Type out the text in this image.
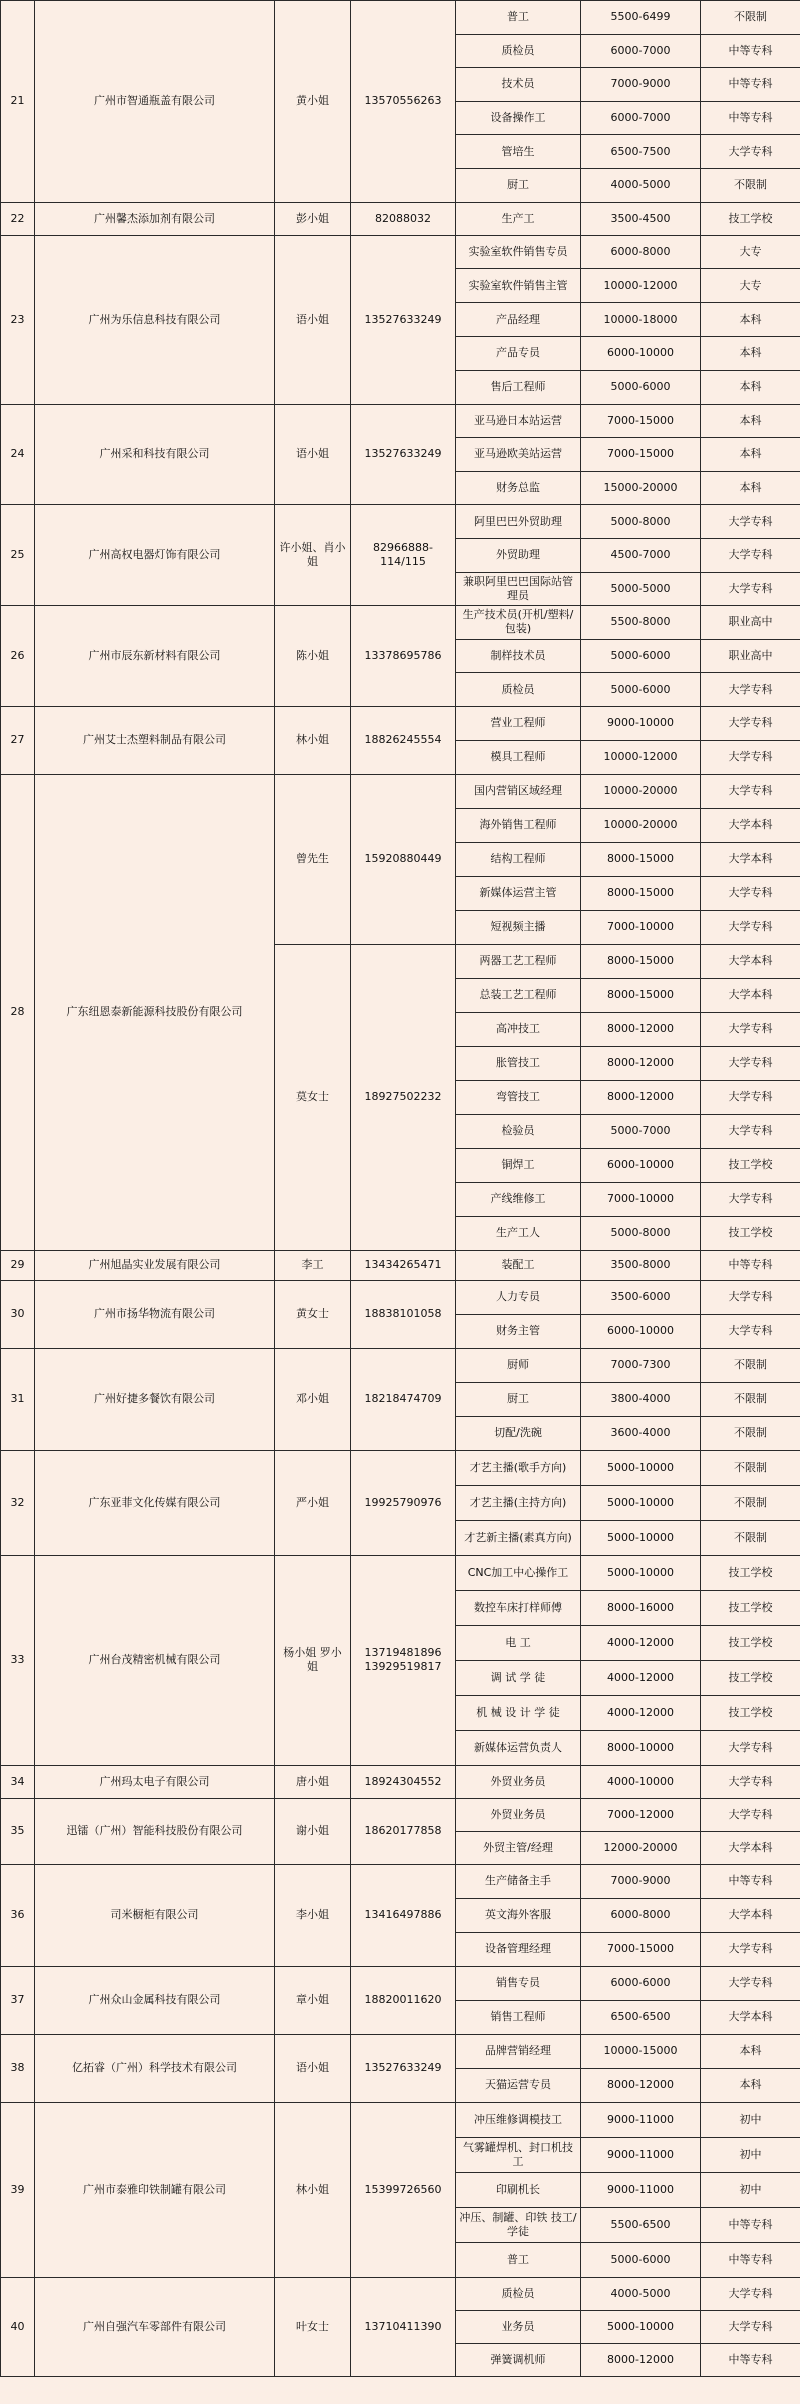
21	广州市智通瓶盖有限公司	黄小姐	13570556263	普工	5500-6499	不限制
				质检员	6000-7000	中等专科
				技术员	7000-9000	中等专科
				设备操作工	6000-7000	中等专科
				管培生	6500-7500	大学专科
				厨工	4000-5000	不限制
22	广州馨杰添加剂有限公司	彭小姐	82088032	生产工	3500-4500	技工学校
23	广州为乐信息科技有限公司	语小姐	13527633249	实验室软件销售专员	6000-8000	大专
				实验室软件销售主管	10000-12000	大专
				产品经理	10000-18000	本科
				产品专员	6000-10000	本科
				售后工程师	5000-6000	本科
24	广州采和科技有限公司	语小姐	13527633249	亚马逊日本站运营	7000-15000	本科
				亚马逊欧美站运营	7000-15000	本科
				财务总监	15000-20000	本科
25	广州高权电器灯饰有限公司	许小姐、肖小姐	82966888-114/115	阿里巴巴外贸助理	5000-8000	大学专科
				外贸助理	4500-7000	大学专科
				兼职阿里巴巴国际站管理员	5000-5000	大学专科
26	广州市辰东新材料有限公司	陈小姐	13378695786	生产技术员(开机/塑料/包装)	5500-8000	职业高中
				制样技术员	5000-6000	职业高中
				质检员	5000-6000	大学专科
27	广州艾士杰塑料制品有限公司	林小姐	18826245554	营业工程师	9000-10000	大学专科
				模具工程师	10000-12000	大学专科
28	广东纽恩泰新能源科技股份有限公司	曾先生	15920880449	国内营销区域经理	10000-20000	大学专科
				海外销售工程师	10000-20000	大学本科
				结构工程师	8000-15000	大学本科
				新媒体运营主管	8000-15000	大学专科
				短视频主播	7000-10000	大学专科
		莫女士	18927502232	两器工艺工程师	8000-15000	大学本科
				总装工艺工程师	8000-15000	大学本科
				高冲技工	8000-12000	大学专科
				胀管技工	8000-12000	大学专科
				弯管技工	8000-12000	大学专科
				检验员	5000-7000	大学专科
				铜焊工	6000-10000	技工学校
				产线维修工	7000-10000	大学专科
				生产工人	5000-8000	技工学校
29	广州旭晶实业发展有限公司	李工	13434265471	装配工	3500-8000	中等专科
30	广州市扬华物流有限公司	黄女士	18838101058	人力专员	3500-6000	大学专科
				财务主管	6000-10000	大学专科
31	广州好捷多餐饮有限公司	邓小姐	18218474709	厨师	7000-7300	不限制
				厨工	3800-4000	不限制
				切配/洗碗	3600-4000	不限制
32	广东亚菲文化传媒有限公司	严小姐	19925790976	才艺主播(歌手方向)	5000-10000	不限制
				才艺主播(主持方向)	5000-10000	不限制
				才艺新主播(素真方向)	5000-10000	不限制
33	广州台茂精密机械有限公司	杨小姐 罗小姐	13719481896 13929519817	CNC加工中心操作工	5000-10000	技工学校
				数控车床打样师傅	8000-16000	技工学校
				电 工	4000-12000	技工学校
				调 试 学 徒	4000-12000	技工学校
				机 械 设 计 学 徒	4000-12000	技工学校
				新媒体运营负责人	8000-10000	大学专科
34	广州玛太电子有限公司	唐小姐	18924304552	外贸业务员	4000-10000	大学专科
35	迅镭（广州）智能科技股份有限公司	谢小姐	18620177858	外贸业务员	7000-12000	大学专科
				外贸主管/经理	12000-20000	大学本科
36	司米橱柜有限公司	李小姐	13416497886	生产储备主手	7000-9000	中等专科
				英文海外客服	6000-8000	大学本科
				设备管理经理	7000-15000	大学专科
37	广州众山金属科技有限公司	章小姐	18820011620	销售专员	6000-6000	大学专科
				销售工程师	6500-6500	大学本科
38	亿拓睿（广州）科学技术有限公司	语小姐	13527633249	品牌营销经理	10000-15000	本科
				天猫运营专员	8000-12000	本科
39	广州市泰雅印铁制罐有限公司	林小姐	15399726560	冲压维修调模技工	9000-11000	初中
				气雾罐焊机、封口机技工	9000-11000	初中
				印刷机长	9000-11000	初中
				冲压、制罐、印铁 技工/学徒	5500-6500	中等专科
				普工	5000-6000	中等专科
40	广州自强汽车零部件有限公司	叶女士	13710411390	质检员	4000-5000	大学专科
				业务员	5000-10000	大学专科
				弹簧调机师	8000-12000	中等专科
